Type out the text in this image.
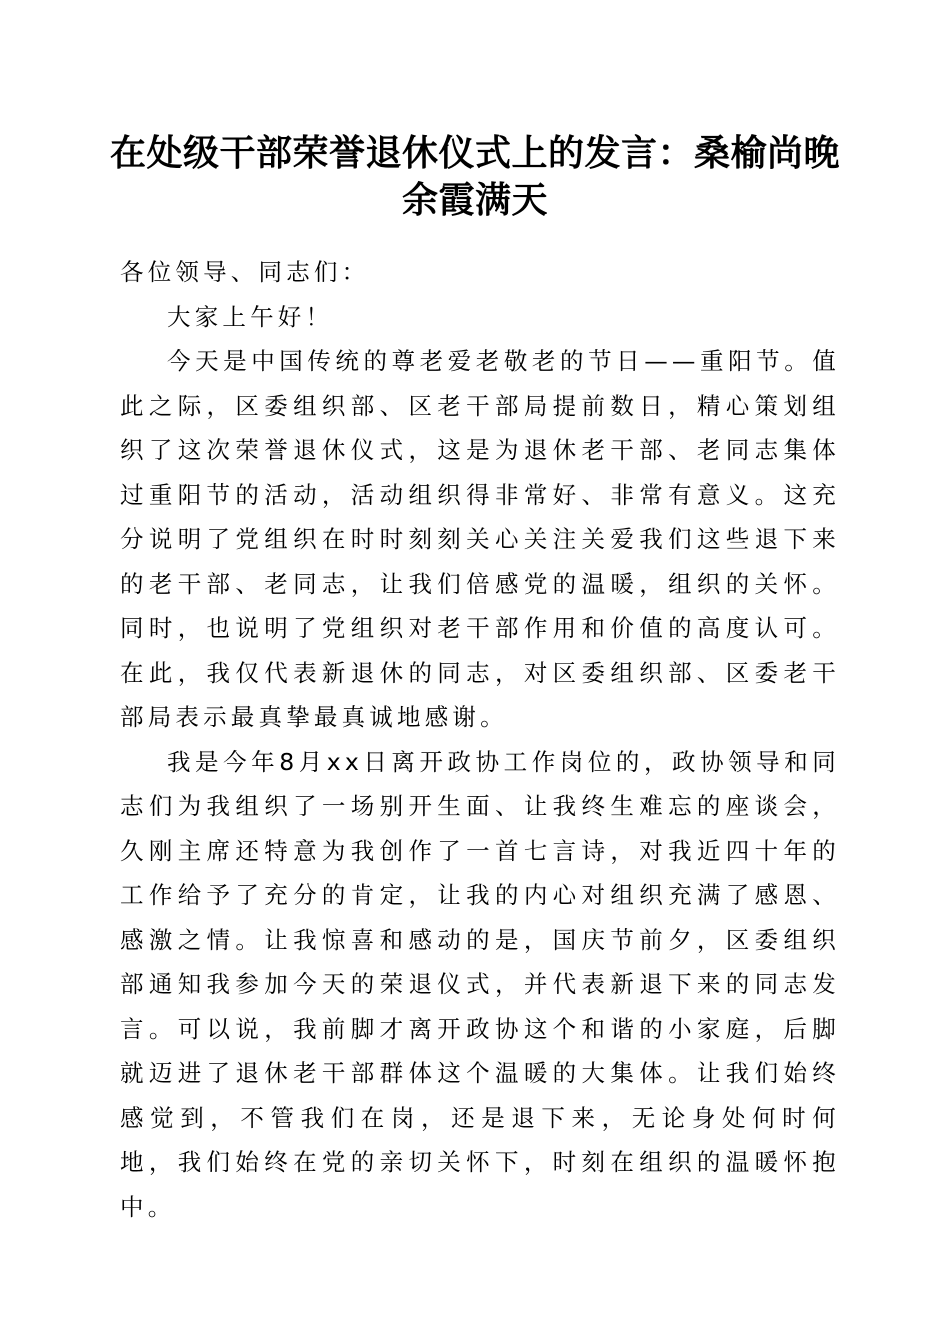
在处级干部荣誉退休仪式上的发言：桑榆尚晚
余霞满天

各位领导、同志们：

大家上午好！

今天是中国传统的尊老爱老敬老的节日——重阳节。值此之际，区委组织部、区老干部局提前数日，精心策划组织了这次荣誉退休仪式，这是为退休老干部、老同志集体过重阳节的活动，活动组织得非常好、非常有意义。这充分说明了党组织在时时刻刻关心关注关爱我们这些退下来的老干部、老同志，让我们倍感党的温暖，组织的关怀。同时，也说明了党组织对老干部作用和价值的高度认可。在此，我仅代表新退休的同志，对区委组织部、区委老干部局表示最真挚最真诚地感谢。

我是今年8月xx日离开政协工作岗位的，政协领导和同志们为我组织了一场别开生面、让我终生难忘的座谈会，久刚主席还特意为我创作了一首七言诗，对我近四十年的工作给予了充分的肯定，让我的内心对组织充满了感恩、感激之情。让我惊喜和感动的是，国庆节前夕，区委组织部通知我参加今天的荣退仪式，并代表新退下来的同志发言。可以说，我前脚才离开政协这个和谐的小家庭，后脚就迈进了退休老干部群体这个温暖的大集体。让我们始终感觉到，不管我们在岗，还是退下来，无论身处何时何地，我们始终在党的亲切关怀下，时刻在组织的温暖怀抱中。
